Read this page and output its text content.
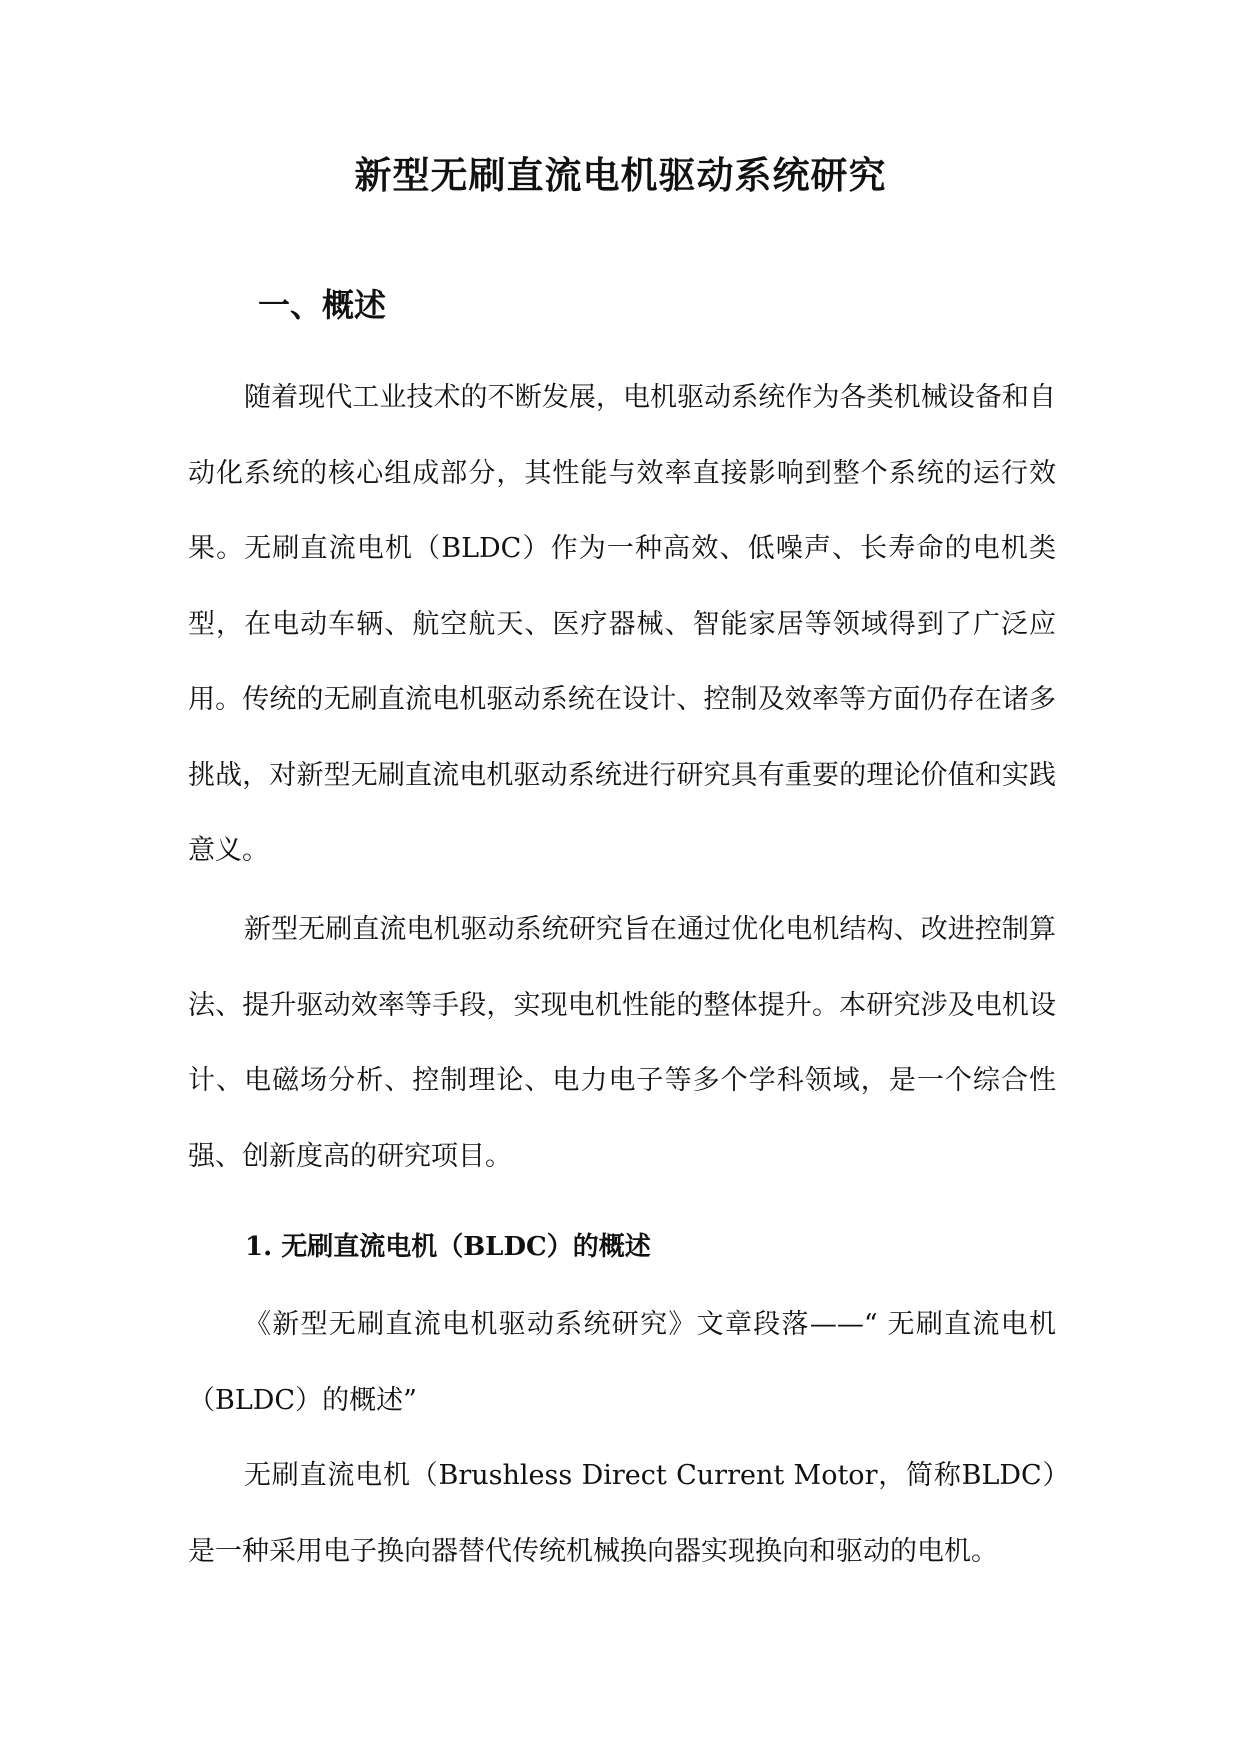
新型无刷直流电机驱动系统研究
一、概述

随着现代工业技术的不断发展，电机驱动系统作为各类机械设备和自动化系统的核心组成部分，其性能与效率直接影响到整个系统的运行效果。无刷直流电机（BLDC）作为一种高效、低噪声、长寿命的电机类型，在电动车辆、航空航天、医疗器械、智能家居等领域得到了广泛应用。传统的无刷直流电机驱动系统在设计、控制及效率等方面仍存在诸多挑战，对新型无刷直流电机驱动系统进行研究具有重要的理论价值和实践意义。

新型无刷直流电机驱动系统研究旨在通过优化电机结构、改进控制算法、提升驱动效率等手段，实现电机性能的整体提升。本研究涉及电机设计、电磁场分析、控制理论、电力电子等多个学科领域，是一个综合性强、创新度高的研究项目。

1. 无刷直流电机（BLDC）的概述

《新型无刷直流电机驱动系统研究》文章段落——“ 无刷直流电机（BLDC）的概述”

无刷直流电机（Brushless Direct Current Motor，简称BLDC）是一种采用电子换向器替代传统机械换向器实现换向和驱动的电机。
